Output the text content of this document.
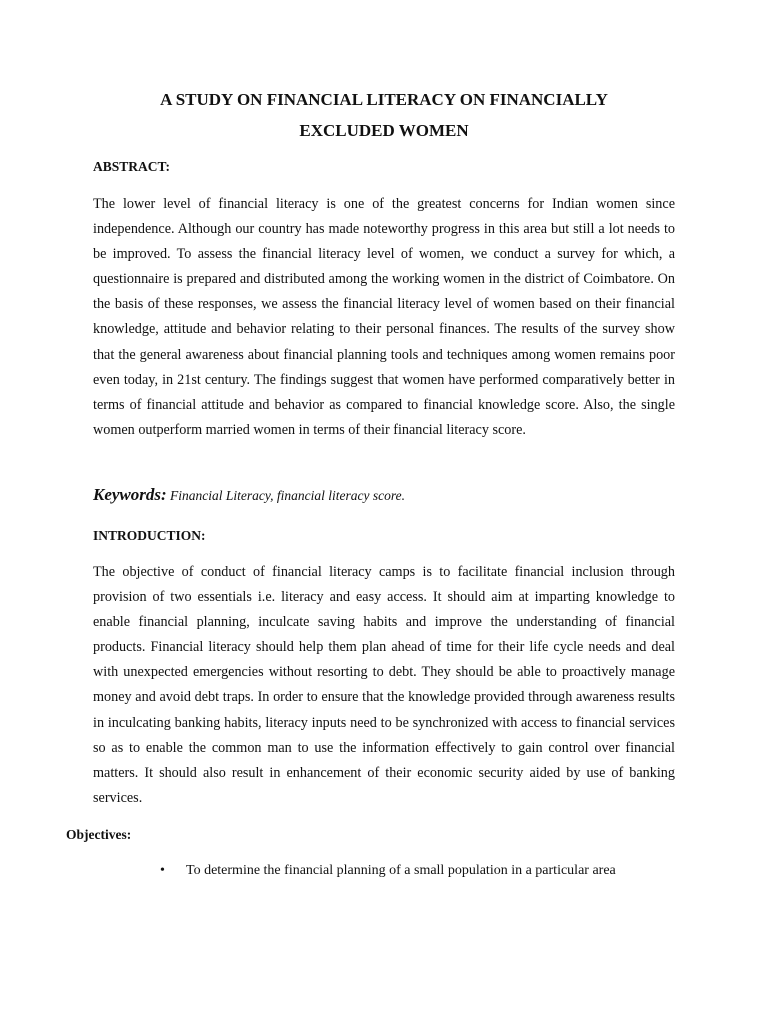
A STUDY ON FINANCIAL LITERACY ON FINANCIALLY
EXCLUDED WOMEN
ABSTRACT:

The lower level of financial literacy is one of the greatest concerns for Indian women since independence. Although our country has made noteworthy progress in this area but still a lot needs to be improved. To assess the financial literacy level of women, we conduct a survey for which, a questionnaire is prepared and distributed among the working women in the district of Coimbatore. On the basis of these responses, we assess the financial literacy level of women based on their financial knowledge, attitude and behavior relating to their personal finances. The results of the survey show that the general awareness about financial planning tools and techniques among women remains poor even today, in 21st century. The findings suggest that women have performed comparatively better in terms of financial attitude and behavior as compared to financial knowledge score. Also, the single women outperform married women in terms of their financial literacy score.

Keywords: Financial Literacy, financial literacy score.
INTRODUCTION:

The objective of conduct of financial literacy camps is to facilitate financial inclusion through provision of two essentials i.e. literacy and easy access. It should aim at imparting knowledge to enable financial planning, inculcate saving habits and improve the understanding of financial products. Financial literacy should help them plan ahead of time for their life cycle needs and deal with unexpected emergencies without resorting to debt. They should be able to proactively manage money and avoid debt traps. In order to ensure that the knowledge provided through awareness results in inculcating banking habits, literacy inputs need to be synchronized with access to financial services so as to enable the common man to use the information effectively to gain control over financial matters. It should also result in enhancement of their economic security aided by use of banking services.

Objectives:
• To determine the financial planning of a small population in a particular area
